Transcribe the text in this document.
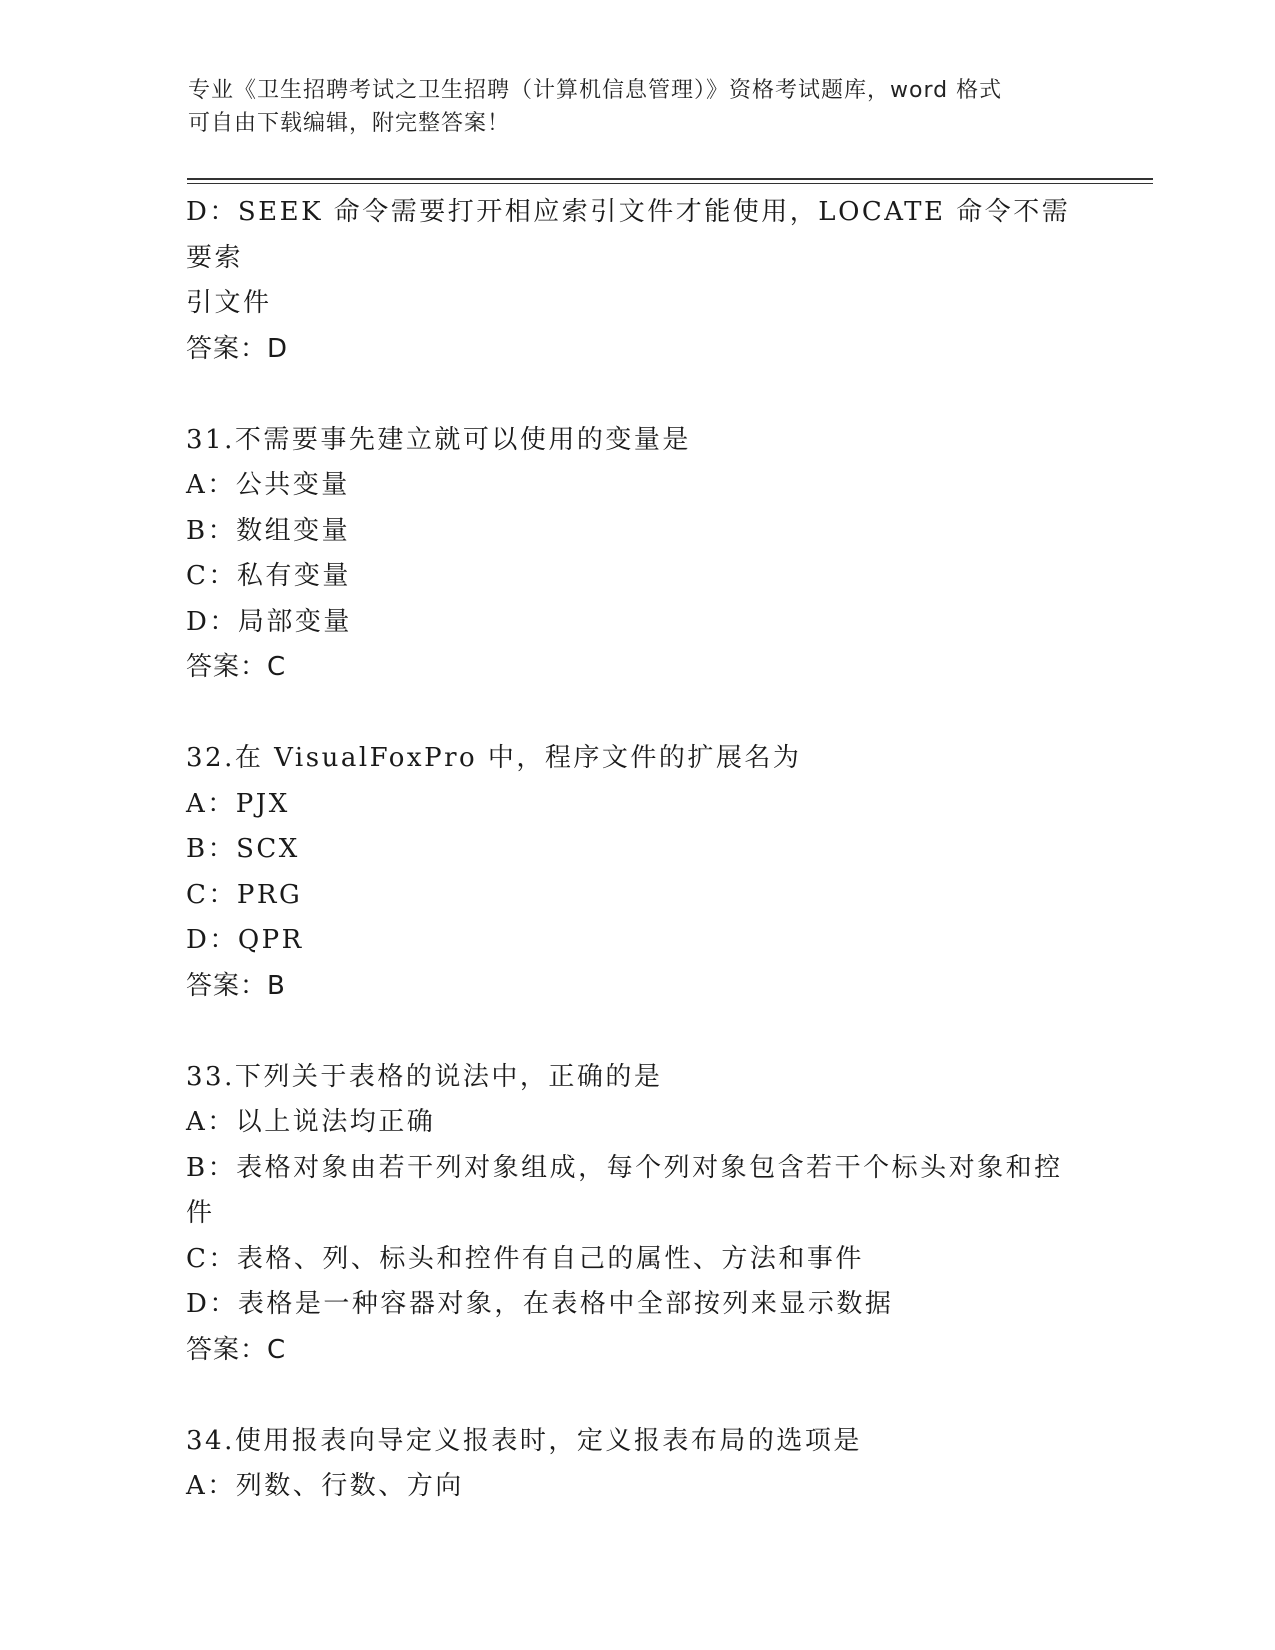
专业《卫生招聘考试之卫生招聘（计算机信息管理）》资格考试题库，word 格式
可自由下载编辑，附完整答案！
D：SEEK 命令需要打开相应索引文件才能使用，LOCATE 命令不需要索
引文件
答案：D
31.不需要事先建立就可以使用的变量是
A：公共变量
B：数组变量
C：私有变量
D：局部变量
答案：C
32.在 VisualFoxPro 中，程序文件的扩展名为
A：PJX
B：SCX
C：PRG
D：QPR
答案：B
33.下列关于表格的说法中，正确的是
A：以上说法均正确
B：表格对象由若干列对象组成，每个列对象包含若干个标头对象和控
件
C：表格、列、标头和控件有自己的属性、方法和事件
D：表格是一种容器对象，在表格中全部按列来显示数据
答案：C
34.使用报表向导定义报表时，定义报表布局的选项是
A：列数、行数、方向
